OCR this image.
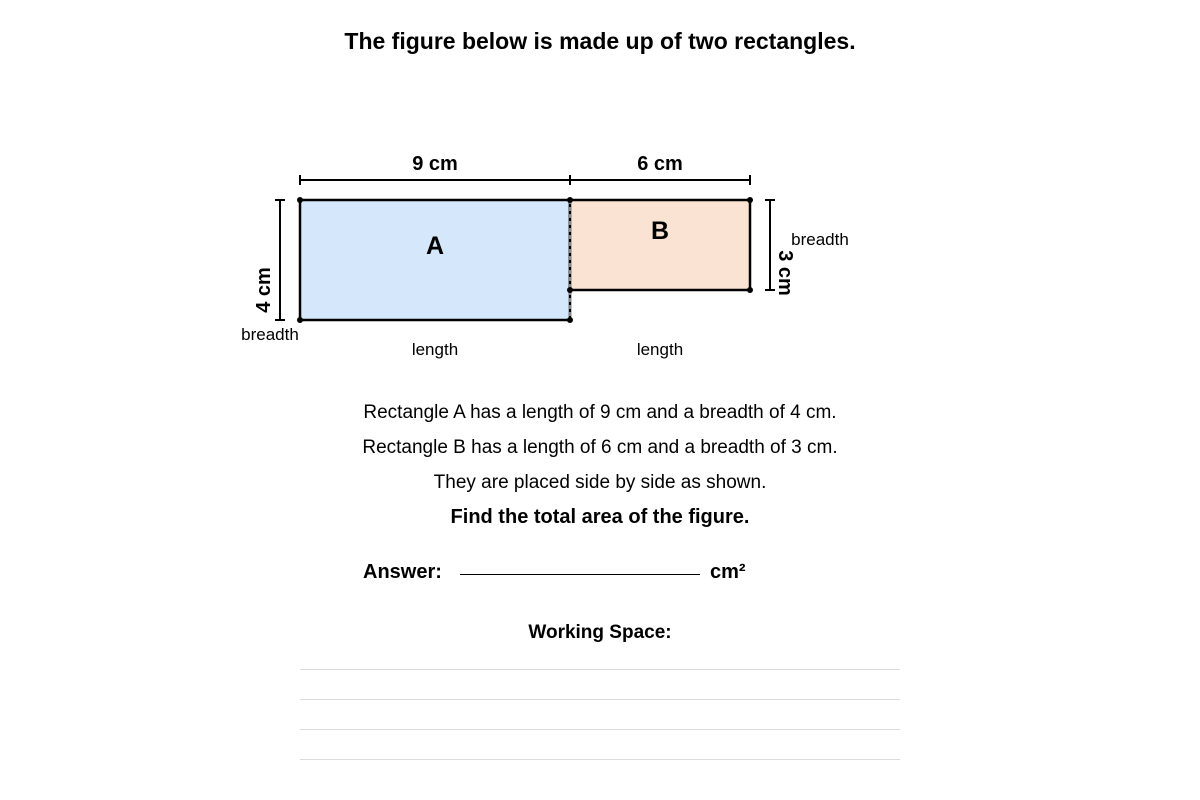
The figure below is made up of two rectangles.
9 cm	6 cm
A
B
4 cm	3 cm
breadth
breadth
length	length
Rectangle A has a length of 9 cm and a breadth of 4 cm.
Rectangle B has a length of 6 cm and a breadth of 3 cm.
They are placed side by side as shown.
Find the total area of the figure.
Answer:	cm²
Working Space:
